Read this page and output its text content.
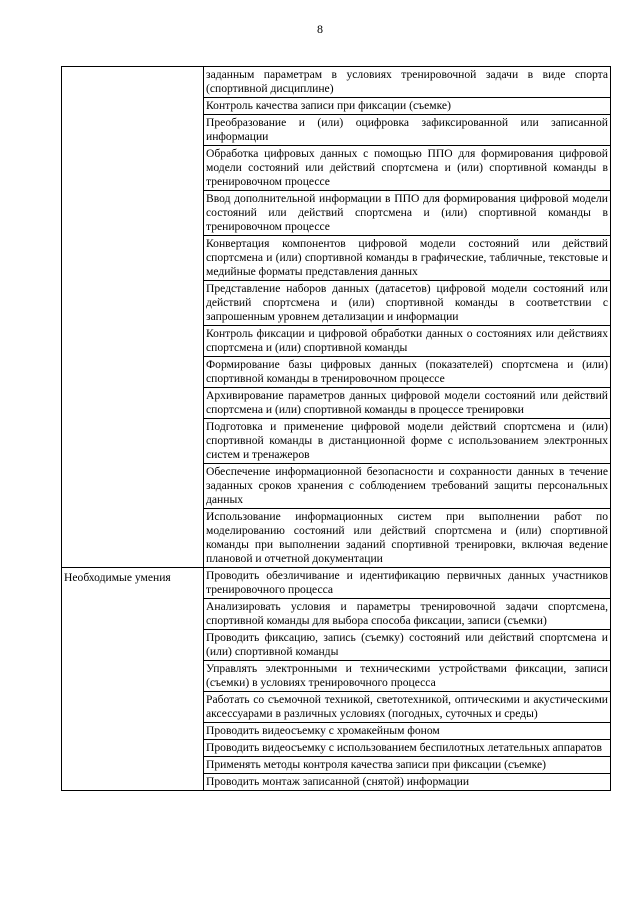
8
	заданным параметрам в условиях тренировочной задачи в виде спорта (спортивной дисциплине)
	Контроль качества записи при фиксации (съемке)
	Преобразование и (или) оцифровка зафиксированной или записанной информации
	Обработка цифровых данных с помощью ППО для формирования цифровой модели состояний или действий спортсмена и (или) спортивной команды в тренировочном процессе
	Ввод дополнительной информации в ППО для формирования цифровой модели состояний или действий спортсмена и (или) спортивной команды в тренировочном процессе
	Конвертация компонентов цифровой модели состояний или действий спортсмена и (или) спортивной команды в графические, табличные, текстовые и медийные форматы представления данных
	Представление наборов данных (датасетов) цифровой модели состояний или действий спортсмена и (или) спортивной команды в соответствии с запрошенным уровнем детализации и информации
	Контроль фиксации и цифровой обработки данных о состояниях или действиях спортсмена и (или) спортивной команды
	Формирование базы цифровых данных (показателей) спортсмена и (или) спортивной команды в тренировочном процессе
	Архивирование параметров данных цифровой модели состояний или действий спортсмена и (или) спортивной команды в процессе тренировки
	Подготовка и применение цифровой модели действий спортсмена и (или) спортивной команды в дистанционной форме с использованием электронных систем и тренажеров
	Обеспечение информационной безопасности и сохранности данных в течение заданных сроков хранения с соблюдением требований защиты персональных данных
	Использование информационных систем при выполнении работ по моделированию состояний или действий спортсмена и (или) спортивной команды при выполнении заданий спортивной тренировки, включая ведение плановой и отчетной документации

Необходимые умения	Проводить обезличивание и идентификацию первичных данных участников тренировочного процесса
	Анализировать условия и параметры тренировочной задачи спортсмена, спортивной команды для выбора способа фиксации, записи (съемки)
	Проводить фиксацию, запись (съемку) состояний или действий спортсмена и (или) спортивной команды
	Управлять электронными и техническими устройствами фиксации, записи (съемки) в условиях тренировочного процесса
	Работать со съемочной техникой, светотехникой, оптическими и акустическими аксессуарами в различных условиях (погодных, суточных и среды)
	Проводить видеосъемку с хромакейным фоном
	Проводить видеосъемку с использованием беспилотных летательных аппаратов
	Применять методы контроля качества записи при фиксации (съемке)
	Проводить монтаж записанной (снятой) информации
